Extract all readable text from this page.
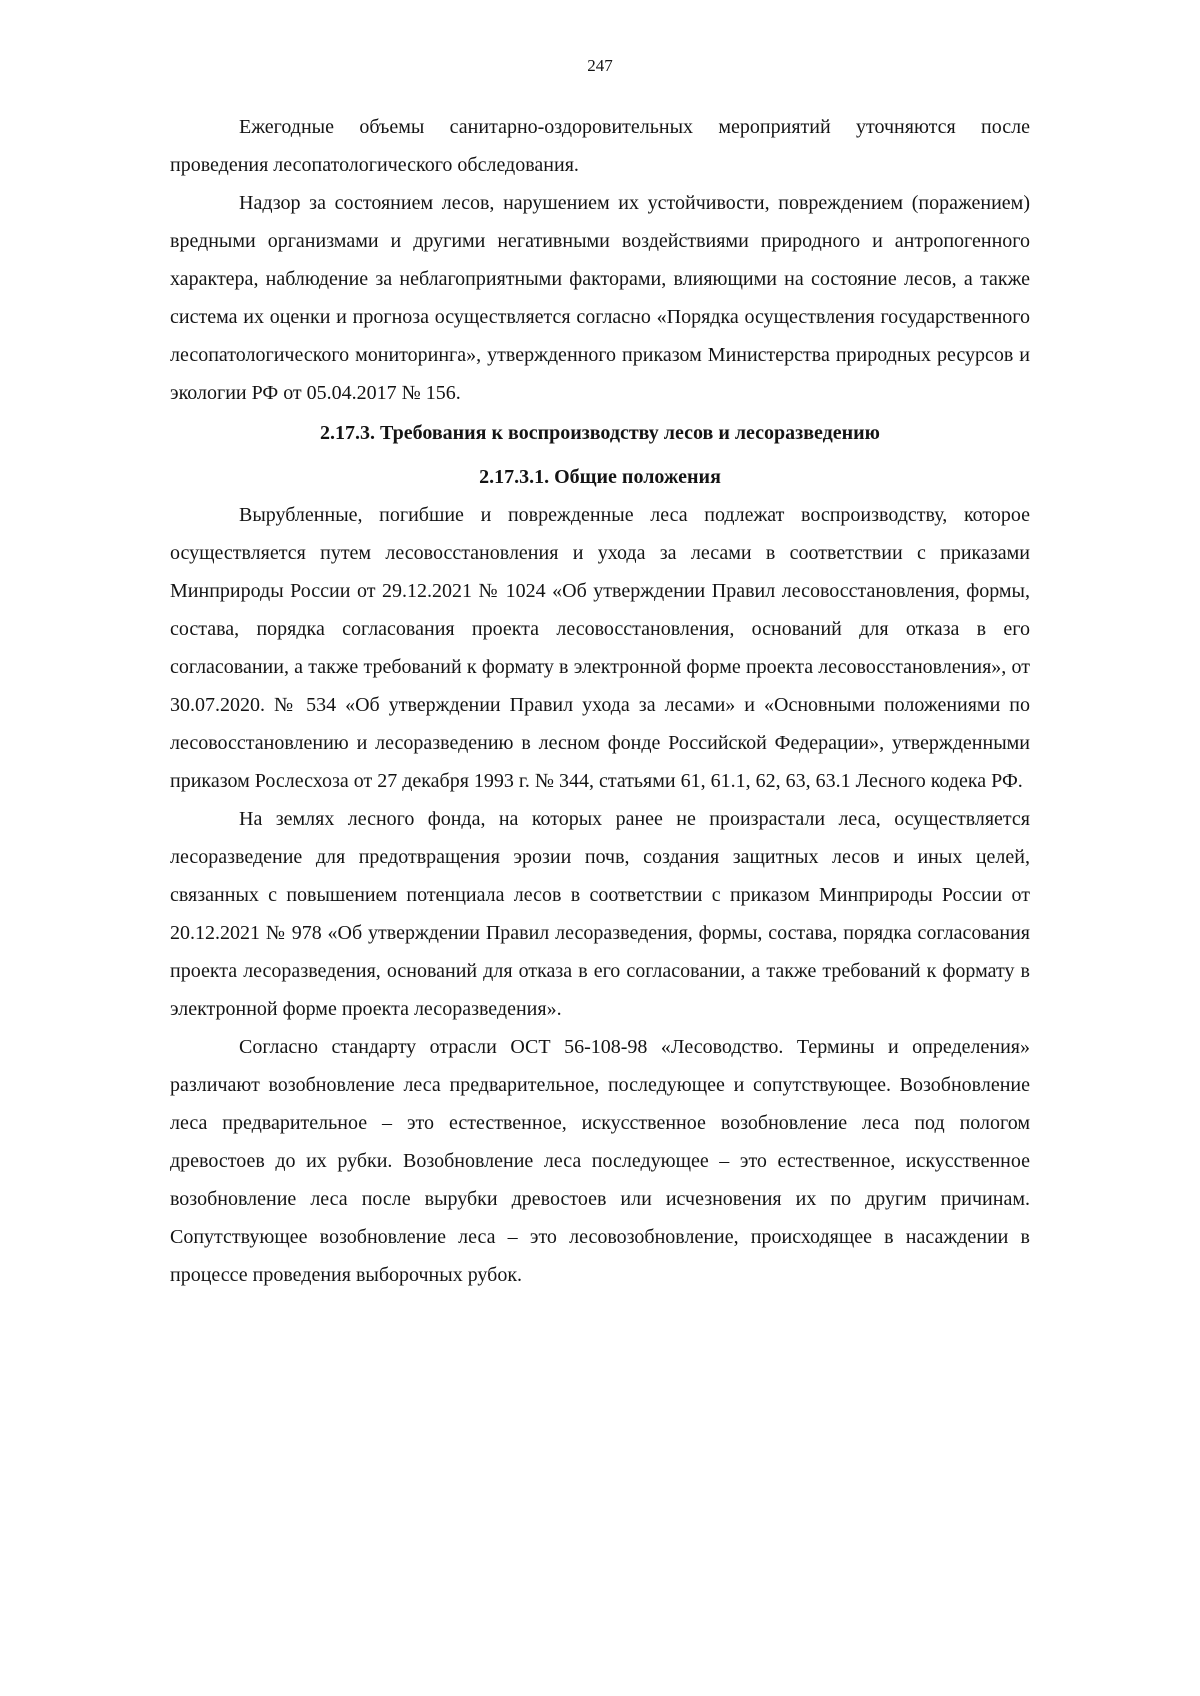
247

Ежегодные объемы санитарно-оздоровительных мероприятий уточняются после проведения лесопатологического обследования.

Надзор за состоянием лесов, нарушением их устойчивости, повреждением (поражением) вредными организмами и другими негативными воздействиями природного и антропогенного характера, наблюдение за неблагоприятными факторами, влияющими на состояние лесов, а также система их оценки и прогноза осуществляется согласно «Порядка осуществления государственного лесопатологического мониторинга», утвержденного приказом Министерства природных ресурсов и экологии РФ от 05.04.2017 № 156.

2.17.3. Требования к воспроизводству лесов и лесоразведению
2.17.3.1. Общие положения

Вырубленные, погибшие и поврежденные леса подлежат воспроизводству, которое осуществляется путем лесовосстановления и ухода за лесами в соответствии с приказами Минприроды России от 29.12.2021 № 1024 «Об утверждении Правил лесовосстановления, формы, состава, порядка согласования проекта лесовосстановления, оснований для отказа в его согласовании, а также требований к формату в электронной форме проекта лесовосстановления», от 30.07.2020. № 534 «Об утверждении Правил ухода за лесами» и «Основными положениями по лесовосстановлению и лесоразведению в лесном фонде Российской Федерации», утвержденными приказом Рослесхоза от 27 декабря 1993 г. № 344, статьями 61, 61.1, 62, 63, 63.1 Лесного кодека РФ.

На землях лесного фонда, на которых ранее не произрастали леса, осуществляется лесоразведение для предотвращения эрозии почв, создания защитных лесов и иных целей, связанных с повышением потенциала лесов в соответствии с приказом Минприроды России от 20.12.2021 № 978 «Об утверждении Правил лесоразведения, формы, состава, порядка согласования проекта лесоразведения, оснований для отказа в его согласовании, а также требований к формату в электронной форме проекта лесоразведения».

Согласно стандарту отрасли ОСТ 56-108-98 «Лесоводство. Термины и определения» различают возобновление леса предварительное, последующее и сопутствующее. Возобновление леса предварительное – это естественное, искусственное возобновление леса под пологом древостоев до их рубки. Возобновление леса последующее – это естественное, искусственное возобновление леса после вырубки древостоев или исчезновения их по другим причинам. Сопутствующее возобновление леса – это лесовозобновление, происходящее в насаждении в процессе проведения выборочных рубок.
